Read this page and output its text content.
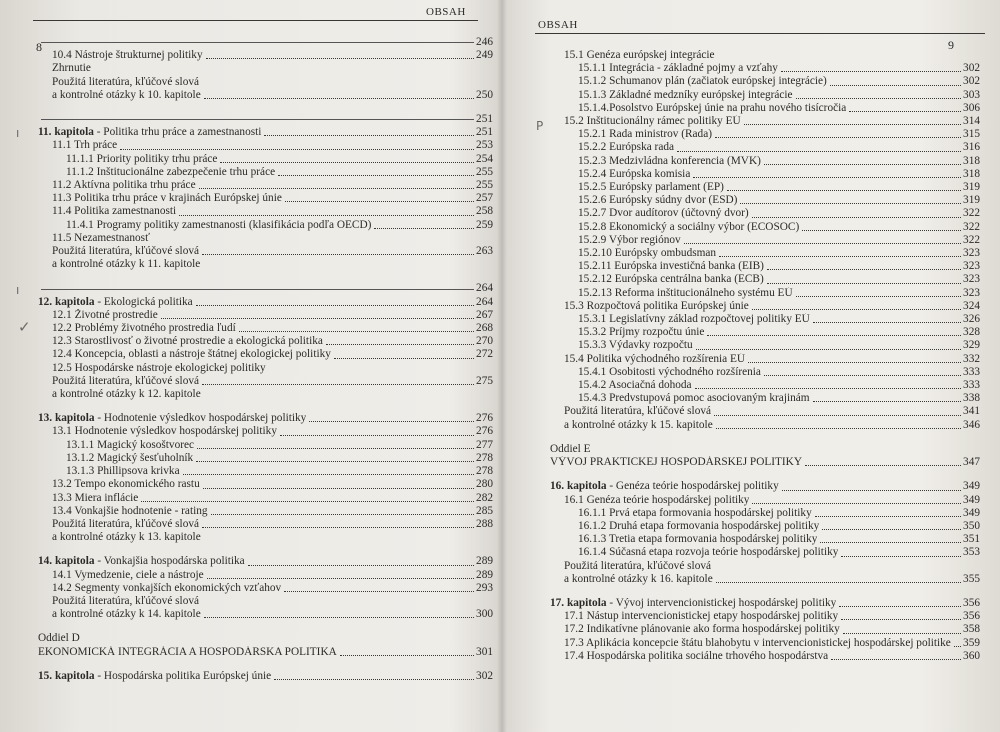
OBSAH
8
ı
ı
✓
246
10.4 Nástroje štrukturnej politiky	249
Zhrnutie
Použitá literatúra, kľúčové slová
a kontrolné otázky k 10. kapitole	250
251
11. kapitola - Politika trhu práce a zamestnanosti	251
11.1 Trh práce	253
11.1.1 Priority politiky trhu práce	254
11.1.2 Inštitucionálne zabezpečenie trhu práce	255
11.2 Aktívna politika trhu práce	255
11.3 Politika trhu práce v krajinách Európskej únie	257
11.4 Politika zamestnanosti	258
11.4.1 Programy politiky zamestnanosti (klasifikácia podľa OECD)	259
11.5 Nezamestnanosť
Použitá literatúra, kľúčové slová	263
a kontrolné otázky k 11. kapitole
264
12. kapitola - Ekologická politika	264
12.1 Životné prostredie	267
12.2 Problémy životného prostredia ľudí	268
12.3 Starostlivosť o životné prostredie a ekologická politika	270
12.4 Koncepcia, oblasti a nástroje štátnej ekologickej politiky	272
12.5 Hospodárske nástroje ekologickej politiky
Použitá literatúra, kľúčové slová	275
a kontrolné otázky k 12. kapitole
13. kapitola - Hodnotenie výsledkov hospodárskej politiky	276
13.1 Hodnotenie výsledkov hospodárskej politiky	276
13.1.1 Magický kosoštvorec	277
13.1.2 Magický šesťuholník	278
13.1.3 Phillipsova krivka	278
13.2 Tempo ekonomického rastu	280
13.3 Miera inflácie	282
13.4 Vonkajšie hodnotenie - rating	285
Použitá literatúra, kľúčové slová	288
a kontrolné otázky k 13. kapitole
14. kapitola - Vonkajšia hospodárska politika	289
14.1 Vymedzenie, ciele a nástroje	289
14.2 Segmenty vonkajších ekonomických vzťahov	293
Použitá literatúra, kľúčové slová
a kontrolné otázky k 14. kapitole	300
Oddiel D
EKONOMICKÁ INTEGRÁCIA A HOSPODÁRSKA POLITIKA	301
15. kapitola - Hospodárska politika Európskej únie	302
OBSAH
9
P
15.1 Genéza európskej integrácie
15.1.1 Integrácia - základné pojmy a vzťahy	302
15.1.2 Schumanov plán (začiatok európskej integrácie)	302
15.1.3 Základné medzníky európskej integrácie	303
15.1.4.Posolstvo Európskej únie na prahu nového tisícročia	306
15.2 Inštitucionálny rámec politiky EÚ	314
15.2.1 Rada ministrov (Rada)	315
15.2.2 Európska rada	316
15.2.3 Medzivládna konferencia (MVK)	318
15.2.4 Európska komisia	318
15.2.5 Európsky parlament (EP)	319
15.2.6 Európsky súdny dvor (ESD)	319
15.2.7 Dvor audítorov (účtovný dvor)	322
15.2.8 Ekonomický a sociálny výbor (ECOSOC)	322
15.2.9 Výbor regiónov	322
15.2.10 Európsky ombudsman	323
15.2.11 Európska investičná banka (EIB)	323
15.2.12 Európska centrálna banka (ECB)	323
15.2.13 Reforma inštitucionálneho systému EÚ	323
15.3 Rozpočtová politika Európskej únie	324
15.3.1 Legislatívny základ rozpočtovej politiky EÚ	326
15.3.2 Príjmy rozpočtu únie	328
15.3.3 Výdavky rozpočtu	329
15.4 Politika východného rozšírenia EÚ	332
15.4.1 Osobitosti východného rozšírenia	333
15.4.2 Asociačná dohoda	333
15.4.3 Predvstupová pomoc asociovaným krajinám	338
Použitá literatúra, kľúčové slová	341
a kontrolné otázky k 15. kapitole	346
Oddiel E
VÝVOJ PRAKTICKEJ HOSPODÁRSKEJ POLITIKY	347
16. kapitola - Genéza teórie hospodárskej politiky	349
16.1 Genéza teórie hospodárskej politiky	349
16.1.1 Prvá etapa formovania hospodárskej politiky	349
16.1.2 Druhá etapa formovania hospodárskej politiky	350
16.1.3 Tretia etapa formovania hospodárskej politiky	351
16.1.4 Súčasná etapa rozvoja teórie hospodárskej politiky	353
Použitá literatúra, kľúčové slová
a kontrolné otázky k 16. kapitole	355
17. kapitola - Vývoj intervencionistickej hospodárskej politiky	356
17.1 Nástup intervencionistickej etapy hospodárskej politiky	356
17.2 Indikatívne plánovanie ako forma hospodárskej politiky	358
17.3 Aplikácia koncepcie štátu blahobytu v intervencionistickej hospodárskej politike 359
17.4 Hospodárska politika sociálne trhového hospodárstva	360
